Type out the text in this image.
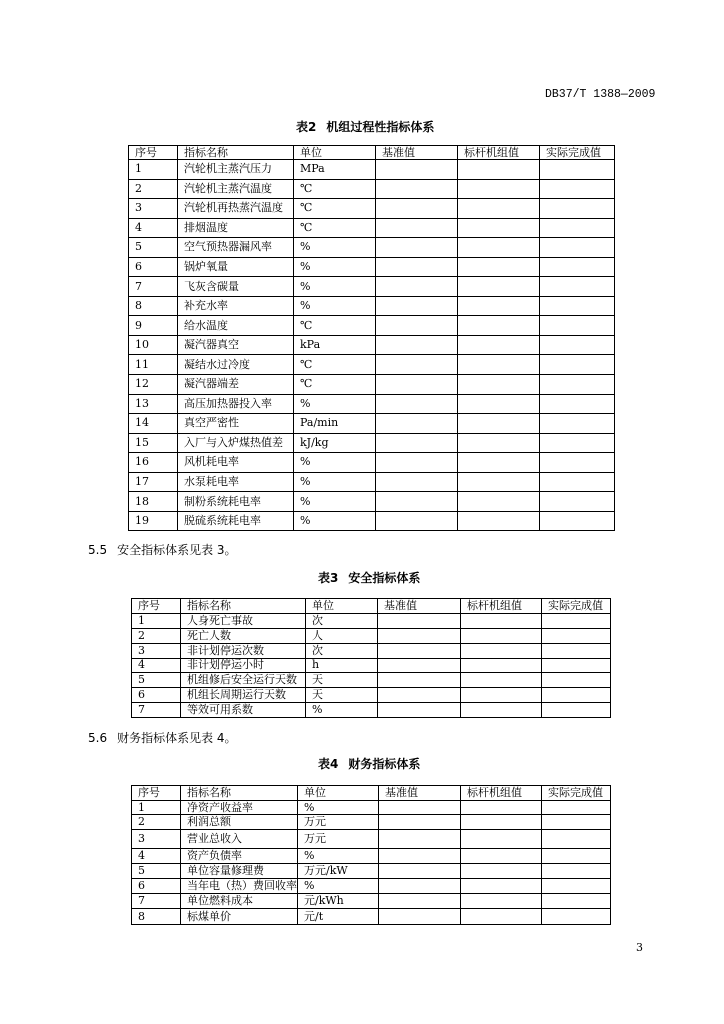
DB37/T 1388—2009
表2 机组过程性指标体系
序号	指标名称	单位	基准值	标杆机组值	实际完成值
1	汽轮机主蒸汽压力	MPa			
2	汽轮机主蒸汽温度	℃			
3	汽轮机再热蒸汽温度	℃			
4	排烟温度	℃			
5	空气预热器漏风率	%			
6	锅炉氧量	%			
7	飞灰含碳量	%			
8	补充水率	%			
9	给水温度	℃			
10	凝汽器真空	kPa			
11	凝结水过冷度	℃			
12	凝汽器端差	℃			
13	高压加热器投入率	%			
14	真空严密性	Pa/min			
15	入厂与入炉煤热值差	kJ/kg			
16	风机耗电率	%			
17	水泵耗电率	%			
18	制粉系统耗电率	%			
19	脱硫系统耗电率	%			
5.5 安全指标体系见表 3。
表3 安全指标体系
序号	指标名称	单位	基准值	标杆机组值	实际完成值
1	人身死亡事故	次			
2	死亡人数	人			
3	非计划停运次数	次			
4	非计划停运小时	h			
5	机组修后安全运行天数	天			
6	机组长周期运行天数	天			
7	等效可用系数	%			
5.6 财务指标体系见表 4。
表4 财务指标体系
序号	指标名称	单位	基准值	标杆机组值	实际完成值
1	净资产收益率	%			
2	利润总额	万元			
3	营业总收入	万元			
4	资产负债率	%			
5	单位容量修理费	万元/kW			
6	当年电（热）费回收率	%			
7	单位燃料成本	元/kWh			
8	标煤单价	元/t			
3
